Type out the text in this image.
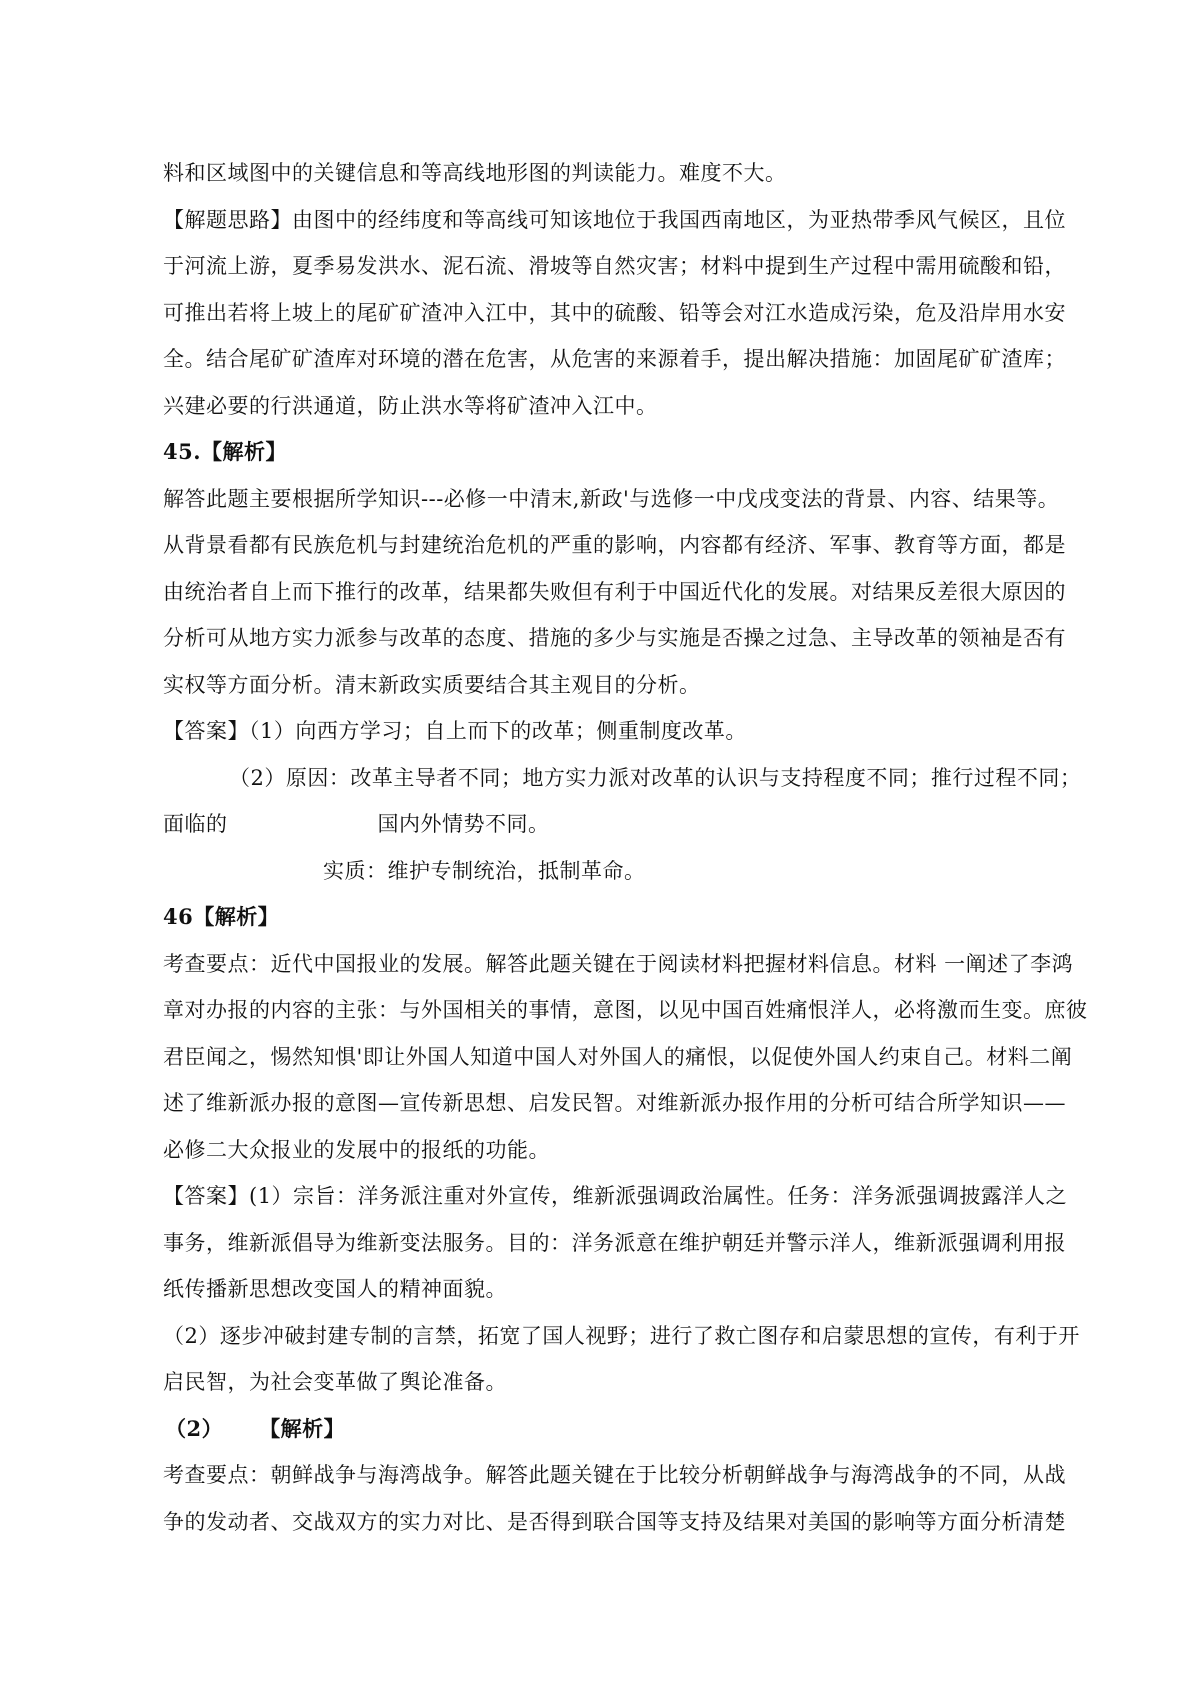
料和区域图中的关键信息和等高线地形图的判读能力。难度不大。
【解题思路】由图中的经纬度和等高线可知该地位于我国西南地区，为亚热带季风气候区，且位
于河流上游，夏季易发洪水、泥石流、滑坡等自然灾害；材料中提到生产过程中需用硫酸和铅，
可推出若将上坡上的尾矿矿渣冲入江中，其中的硫酸、铅等会对江水造成污染，危及沿岸用水安
全。结合尾矿矿渣库对环境的潜在危害，从危害的来源着手，提出解决措施：加固尾矿矿渣库；
兴建必要的行洪通道，防止洪水等将矿渣冲入江中。
45.【解析】
解答此题主要根据所学知识---必修一中清末,新政'与选修一中戊戌变法的背景、内容、结果等。
从背景看都有民族危机与封建统治危机的严重的影响，内容都有经济、军事、教育等方面，都是
由统治者自上而下推行的改革，结果都失败但有利于中国近代化的发展。对结果反差很大原因的
分析可从地方实力派参与改革的态度、措施的多少与实施是否操之过急、主导改革的领袖是否有
实权等方面分析。清末新政实质要结合其主观目的分析。
【答案】（1）向西方学习；自上而下的改革；侧重制度改革。
（2）原因：改革主导者不同；地方实力派对改革的认识与支持程度不同；推行过程不同；
面临的	国内外情势不同。
实质：维护专制统治，抵制革命。
46【解析】
考查要点：近代中国报业的发展。解答此题关键在于阅读材料把握材料信息。材料 一阐述了李鸿
章对办报的内容的主张：与外国相关的事情，意图，以见中国百姓痛恨洋人，必将激而生变。庶彼
君臣闻之，惕然知惧'即让外国人知道中国人对外国人的痛恨，以促使外国人约束自己。材料二阐
述了维新派办报的意图—宣传新思想、启发民智。对维新派办报作用的分析可结合所学知识——
必修二大众报业的发展中的报纸的功能。
【答案】(1）宗旨：洋务派注重对外宣传，维新派强调政治属性。任务：洋务派强调披露洋人之
事务，维新派倡导为维新变法服务。目的：洋务派意在维护朝廷并警示洋人，维新派强调利用报
纸传播新思想改变国人的精神面貌。
（2）逐步冲破封建专制的言禁，拓宽了国人视野；进行了救亡图存和启蒙思想的宣传，有利于开
启民智，为社会变革做了舆论准备。
（2） 【解析】
考查要点：朝鲜战争与海湾战争。解答此题关键在于比较分析朝鲜战争与海湾战争的不同，从战
争的发动者、交战双方的实力对比、是否得到联合国等支持及结果对美国的影响等方面分析清楚
